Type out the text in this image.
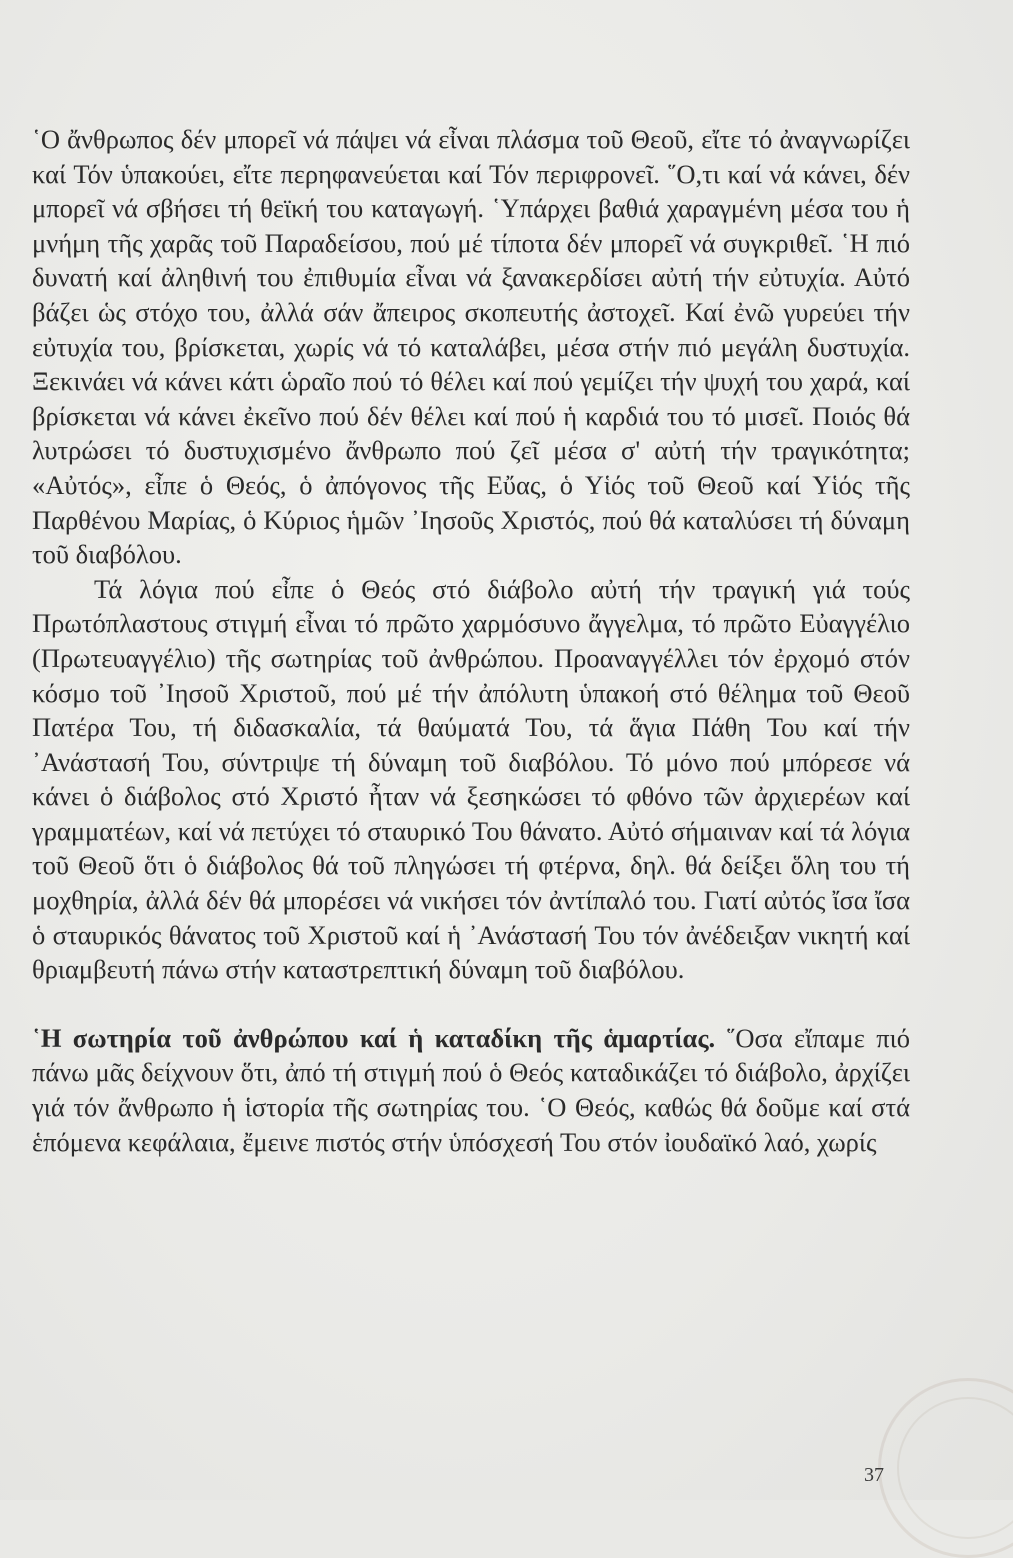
῾Ο ἄνθρωπος δέν μπορεῖ νά πάψει νά εἶναι πλάσμα τοῦ Θεοῦ, εἴτε τό ἀναγνωρίζει καί Τόν ὑπακούει, εἴτε περηφανεύεται καί Τόν περιφρονεῖ. ῞Ο,τι καί νά κάνει, δέν μπορεῖ νά σβήσει τή θεϊκή του καταγωγή. ῾Υπάρχει βαθιά χαραγμένη μέσα του ἡ μνήμη τῆς χαρᾶς τοῦ Παραδείσου, πού μέ τίποτα δέν μπορεῖ νά συγκριθεῖ. ῾Η πιό δυνατή καί ἀληθινή του ἐπιθυμία εἶναι νά ξανακερδίσει αὐτή τήν εὐτυχία. Αὐτό βάζει ὡς στόχο του, ἀλλά σάν ἄπειρος σκοπευτής ἀστοχεῖ. Καί ἐνῶ γυρεύει τήν εὐτυχία του, βρίσκεται, χωρίς νά τό καταλάβει, μέσα στήν πιό μεγάλη δυστυχία. Ξεκινάει νά κάνει κάτι ὡραῖο πού τό θέλει καί πού γεμίζει τήν ψυχή του χαρά, καί βρίσκεται νά κάνει ἐκεῖνο πού δέν θέλει καί πού ἡ καρδιά του τό μισεῖ. Ποιός θά λυτρώσει τό δυστυχισμένο ἄνθρωπο πού ζεῖ μέσα σ' αὐτή τήν τραγικότητα; «Αὐτός», εἶπε ὁ Θεός, ὁ ἀπόγονος τῆς Εὔας, ὁ Υἱός τοῦ Θεοῦ καί Υἱός τῆς Παρθένου Μαρίας, ὁ Κύριος ἡμῶν ᾿Ιησοῦς Χριστός, πού θά καταλύσει τή δύναμη τοῦ διαβόλου.

Τά λόγια πού εἶπε ὁ Θεός στό διάβολο αὐτή τήν τραγική γιά τούς Πρωτόπλαστους στιγμή εἶναι τό πρῶτο χαρμόσυνο ἄγγελμα, τό πρῶτο Εὐαγγέλιο (Πρωτευαγγέλιο) τῆς σωτηρίας τοῦ ἀνθρώπου. Προαναγγέλλει τόν ἐρχομό στόν κόσμο τοῦ ᾿Ιησοῦ Χριστοῦ, πού μέ τήν ἀπόλυτη ὑπακοή στό θέλημα τοῦ Θεοῦ Πατέρα Του, τή διδασκαλία, τά θαύματά Του, τά ἅγια Πάθη Του καί τήν ᾿Ανάστασή Του, σύντριψε τή δύναμη τοῦ διαβόλου. Τό μόνο πού μπόρεσε νά κάνει ὁ διάβολος στό Χριστό ἦταν νά ξεσηκώσει τό φθόνο τῶν ἀρχιερέων καί γραμματέων, καί νά πετύχει τό σταυρικό Του θάνατο. Αὐτό σήμαιναν καί τά λόγια τοῦ Θεοῦ ὅτι ὁ διάβολος θά τοῦ πληγώσει τή φτέρνα, δηλ. θά δείξει ὅλη του τή μοχθηρία, ἀλλά δέν θά μπορέσει νά νικήσει τόν ἀντίπαλό του. Γιατί αὐτός ἴσα ἴσα ὁ σταυρικός θάνατος τοῦ Χριστοῦ καί ἡ ᾿Ανάστασή Του τόν ἀνέδειξαν νικητή καί θριαμβευτή πάνω στήν καταστρεπτική δύναμη τοῦ διαβόλου.

῾Η σωτηρία τοῦ ἀνθρώπου καί ἡ καταδίκη τῆς ἁμαρτίας. ῞Οσα εἴπαμε πιό πάνω μᾶς δείχνουν ὅτι, ἀπό τή στιγμή πού ὁ Θεός καταδικάζει τό διάβολο, ἀρχίζει γιά τόν ἄνθρωπο ἡ ἱστορία τῆς σωτηρίας του. ῾Ο Θεός, καθώς θά δοῦμε καί στά ἑπόμενα κεφάλαια, ἔμεινε πιστός στήν ὑπόσχεσή Του στόν ἰουδαϊκό λαό, χωρίς

37
